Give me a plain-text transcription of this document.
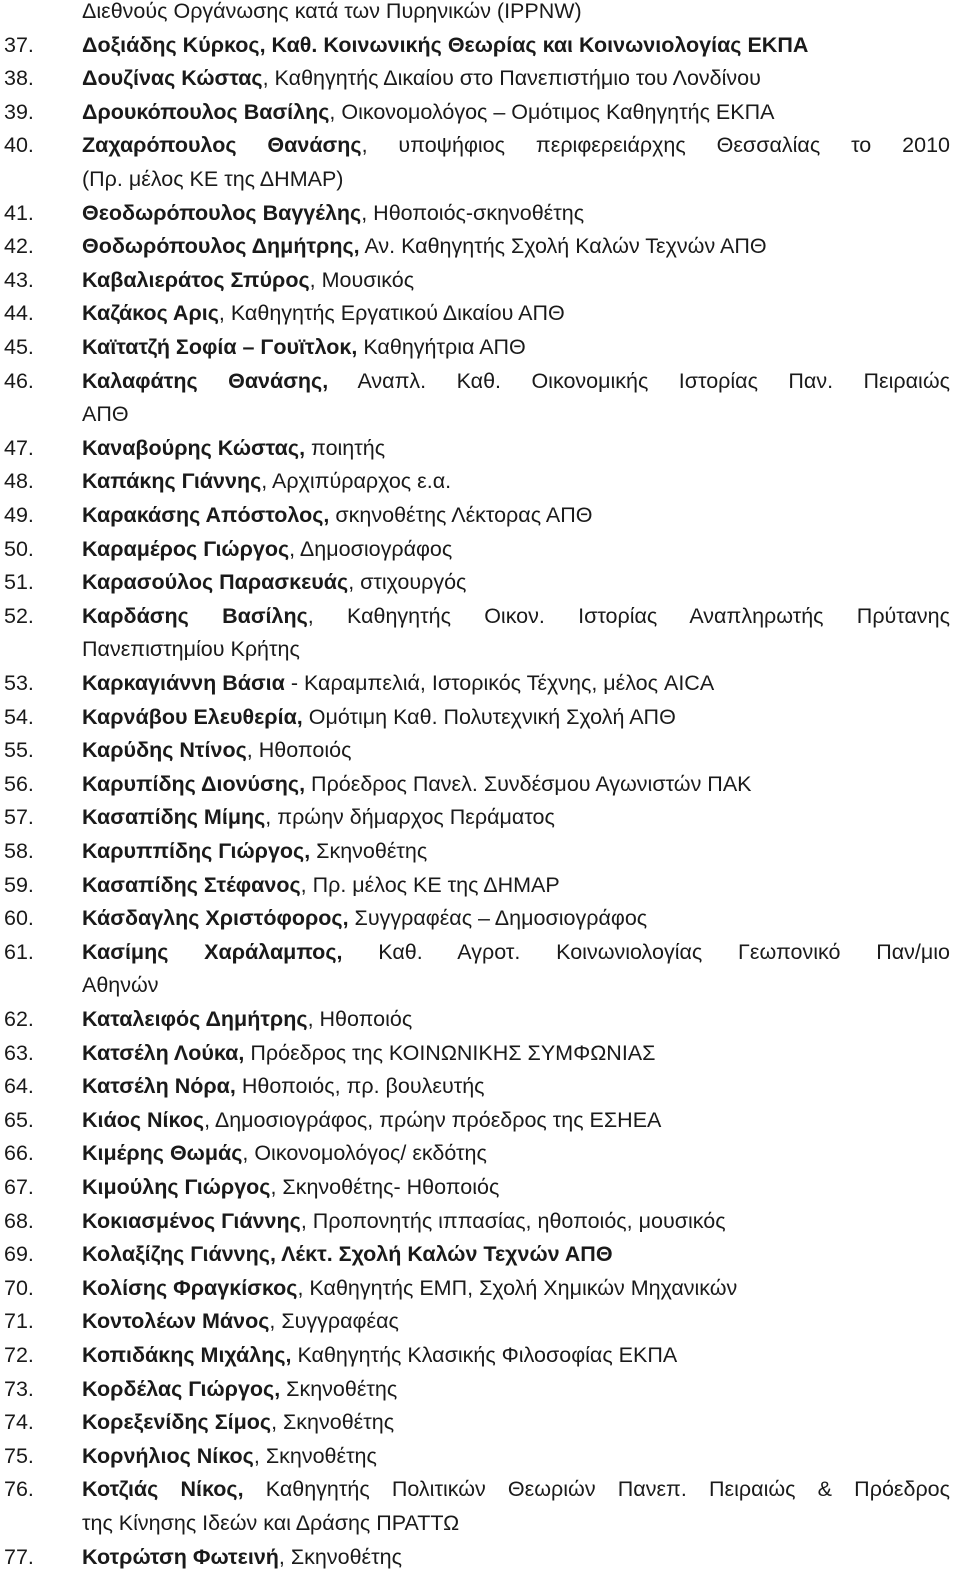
Διεθνούς Οργάνωσης κατά των Πυρηνικών (IPPNW)
37. Δοξιάδης Κύρκος, Καθ. Κοινωνικής Θεωρίας και Κοινωνιολογίας ΕΚΠΑ
38. Δουζίνας Κώστας, Καθηγητής Δικαίου στο Πανεπιστήμιο του Λονδίνου
39. Δρουκόπουλος Βασίλης, Οικονομολόγος – Ομότιμος Καθηγητής ΕΚΠΑ
40. Ζαχαρόπουλος Θανάσης, υποψήφιος περιφερειάρχης Θεσσαλίας το 2010
(Πρ. μέλος ΚΕ της ΔΗΜΑΡ)
41. Θεοδωρόπουλος Βαγγέλης, Ηθοποιός-σκηνοθέτης
42. Θοδωρόπουλος Δημήτρης, Αν. Καθηγητής Σχολή Καλών Τεχνών ΑΠΘ
43. Καβαλιεράτος Σπύρος, Μουσικός
44. Καζάκος Αρις, Καθηγητής Εργατικού Δικαίου ΑΠΘ
45. Καϊτατζή Σοφία – Γουϊτλοκ, Καθηγήτρια ΑΠΘ
46. Καλαφάτης Θανάσης, Αναπλ. Καθ. Οικονομικής Ιστορίας Παν. Πειραιώς
ΑΠΘ
47. Καναβούρης Κώστας, ποιητής
48. Καπάκης Γιάννης, Αρχιπύραρχος ε.α.
49. Καρακάσης Απόστολος, σκηνοθέτης Λέκτορας ΑΠΘ
50. Καραμέρος Γιώργος, Δημοσιογράφος
51. Καρασούλος Παρασκευάς, στιχουργός
52. Καρδάσης Βασίλης, Καθηγητής Οικον. Ιστορίας Αναπληρωτής Πρύτανης
Πανεπιστημίου Κρήτης
53. Καρκαγιάννη Βάσια - Καραμπελιά, Ιστορικός Τέχνης, μέλος AICA
54. Καρνάβου Ελευθερία, Ομότιμη Καθ. Πολυτεχνική Σχολή ΑΠΘ
55. Καρύδης Ντίνος, Ηθοποιός
56. Καρυπίδης Διονύσης, Πρόεδρος Πανελ. Συνδέσμου Αγωνιστών ΠΑΚ
57. Κασαπίδης Μίμης, πρώην δήμαρχος Περάματος
58. Καρυππίδης Γιώργος, Σκηνοθέτης
59. Κασαπίδης Στέφανος, Πρ. μέλος ΚΕ της ΔΗΜΑΡ
60. Κάσδαγλης Χριστόφορος, Συγγραφέας – Δημοσιογράφος
61. Κασίμης Χαράλαμπος, Καθ. Αγροτ. Κοινωνιολογίας Γεωπονικό Παν/μιο
Αθηνών
62. Καταλειφός Δημήτρης, Ηθοποιός
63. Κατσέλη Λούκα, Πρόεδρος της ΚΟΙΝΩΝΙΚΗΣ ΣΥΜΦΩΝΙΑΣ
64. Κατσέλη Νόρα, Ηθοποιός, πρ. βουλευτής
65. Κιάος Νίκος, Δημοσιογράφος, πρώην πρόεδρος της ΕΣΗΕΑ
66. Κιμέρης Θωμάς, Οικονομολόγος/ εκδότης
67. Κιμούλης Γιώργος, Σκηνοθέτης- Ηθοποιός
68. Κοκιασμένος Γιάννης, Προπονητής ιππασίας, ηθοποιός, μουσικός
69. Κολαξίζης Γιάννης, Λέκτ. Σχολή Καλών Τεχνών ΑΠΘ
70. Κολίσης Φραγκίσκος, Καθηγητής ΕΜΠ, Σχολή Χημικών Μηχανικών
71. Κοντολέων Μάνος, Συγγραφέας
72. Κοπιδάκης Μιχάλης, Καθηγητής Κλασικής Φιλοσοφίας ΕΚΠΑ
73. Κορδέλας Γιώργος, Σκηνοθέτης
74. Κορεξενίδης Σίμος, Σκηνοθέτης
75. Κορνήλιος Νίκος, Σκηνοθέτης
76. Κοτζιάς Νίκος, Καθηγητής Πολιτικών Θεωριών Πανεπ. Πειραιώς & Πρόεδρος
της Κίνησης Ιδεών και Δράσης ΠΡΑΤΤΩ
77. Κοτρώτση Φωτεινή, Σκηνοθέτης
